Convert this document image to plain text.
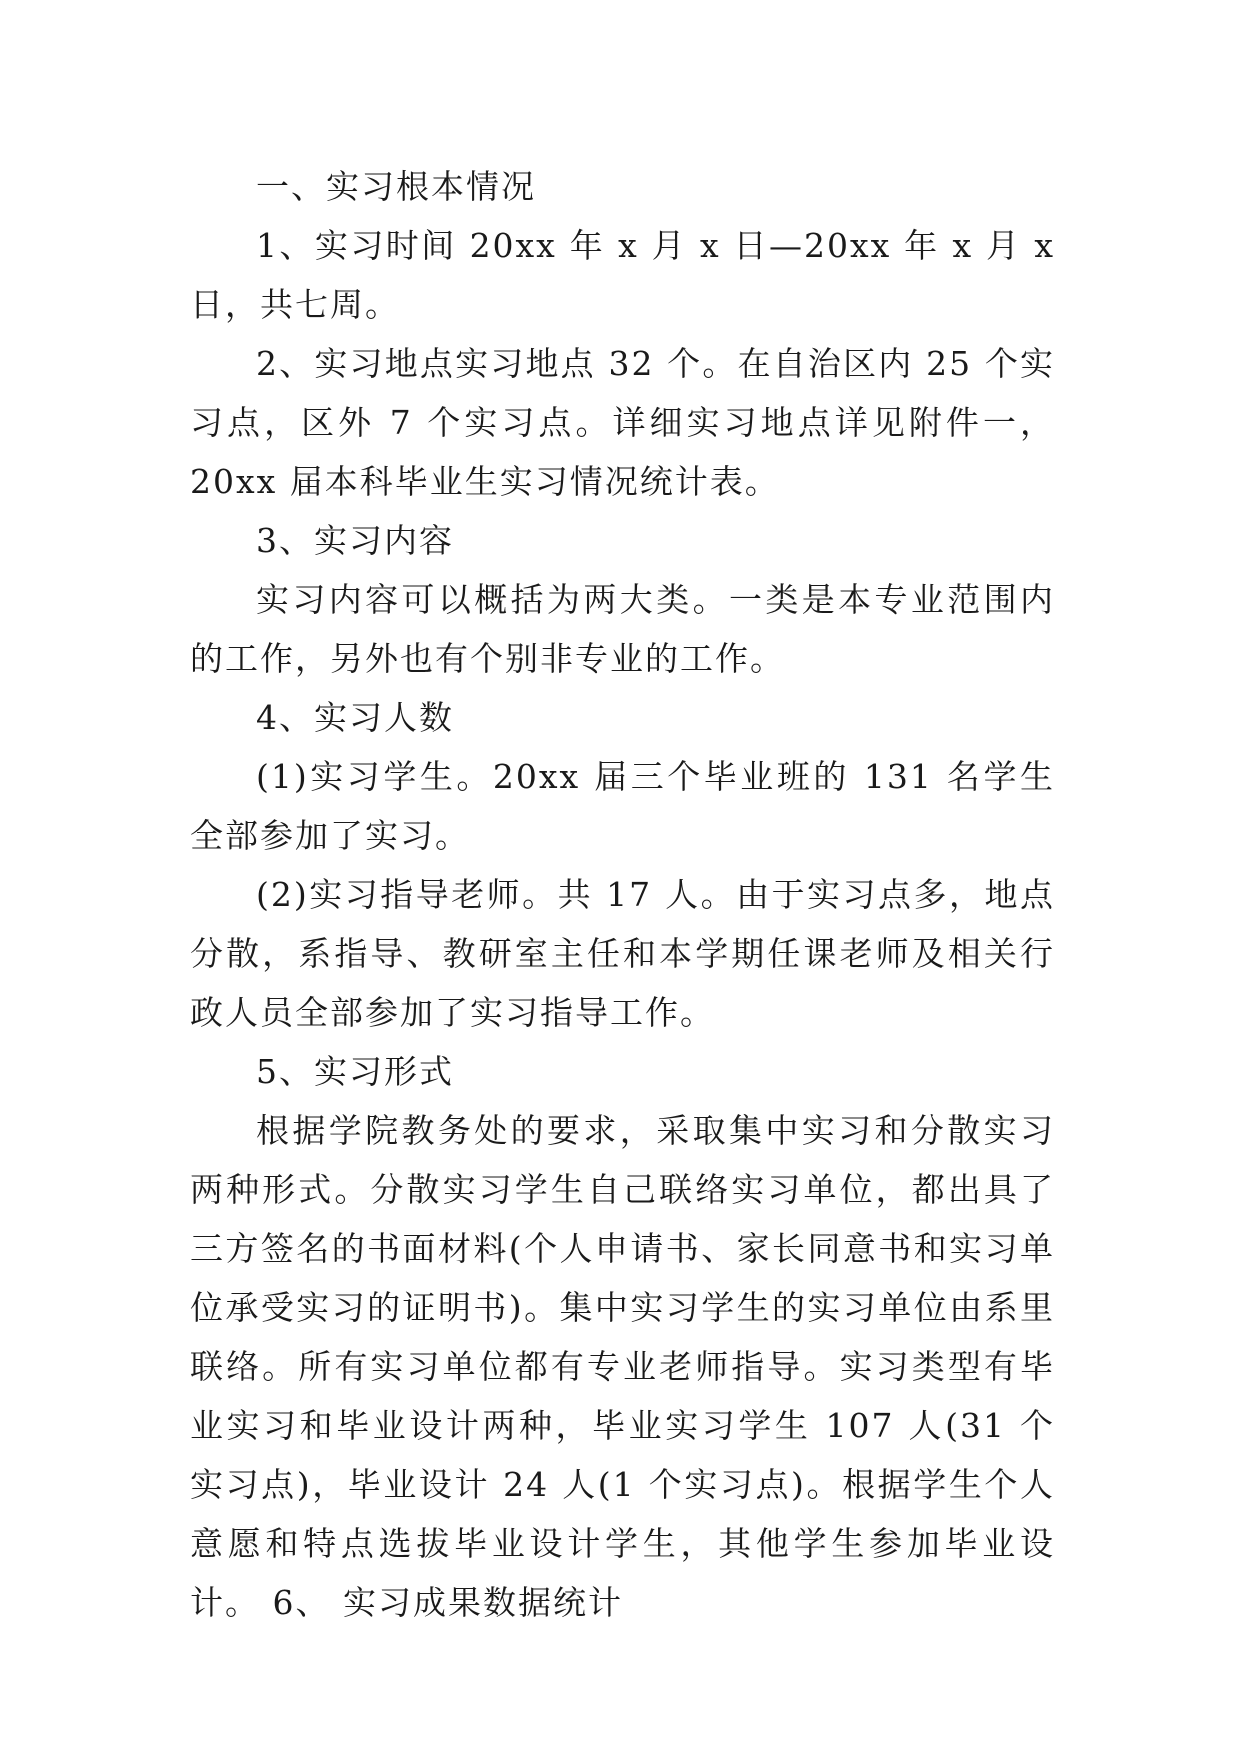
一、实习根本情况

1、实习时间 20xx 年 x 月 x 日—20xx 年 x 月 x 日，共七周。

2、实习地点实习地点 32 个。在自治区内 25 个实习点，区外 7 个实习点。详细实习地点详见附件一，20xx 届本科毕业生实习情况统计表。

3、实习内容

实习内容可以概括为两大类。一类是本专业范围内的工作，另外也有个别非专业的工作。

4、实习人数

(1)实习学生。20xx 届三个毕业班的 131 名学生全部参加了实习。

(2)实习指导老师。共 17 人。由于实习点多，地点分散，系指导、教研室主任和本学期任课老师及相关行政人员全部参加了实习指导工作。

5、实习形式

根据学院教务处的要求，采取集中实习和分散实习两种形式。分散实习学生自己联络实习单位，都出具了三方签名的书面材料(个人申请书、家长同意书和实习单位承受实习的证明书)。集中实习学生的实习单位由系里联络。所有实习单位都有专业老师指导。实习类型有毕业实习和毕业设计两种，毕业实习学生 107 人(31 个实习点)，毕业设计 24 人(1 个实习点)。根据学生个人意愿和特点选拔毕业设计学生，其他学生参加毕业设计。 6、 实习成果数据统计
